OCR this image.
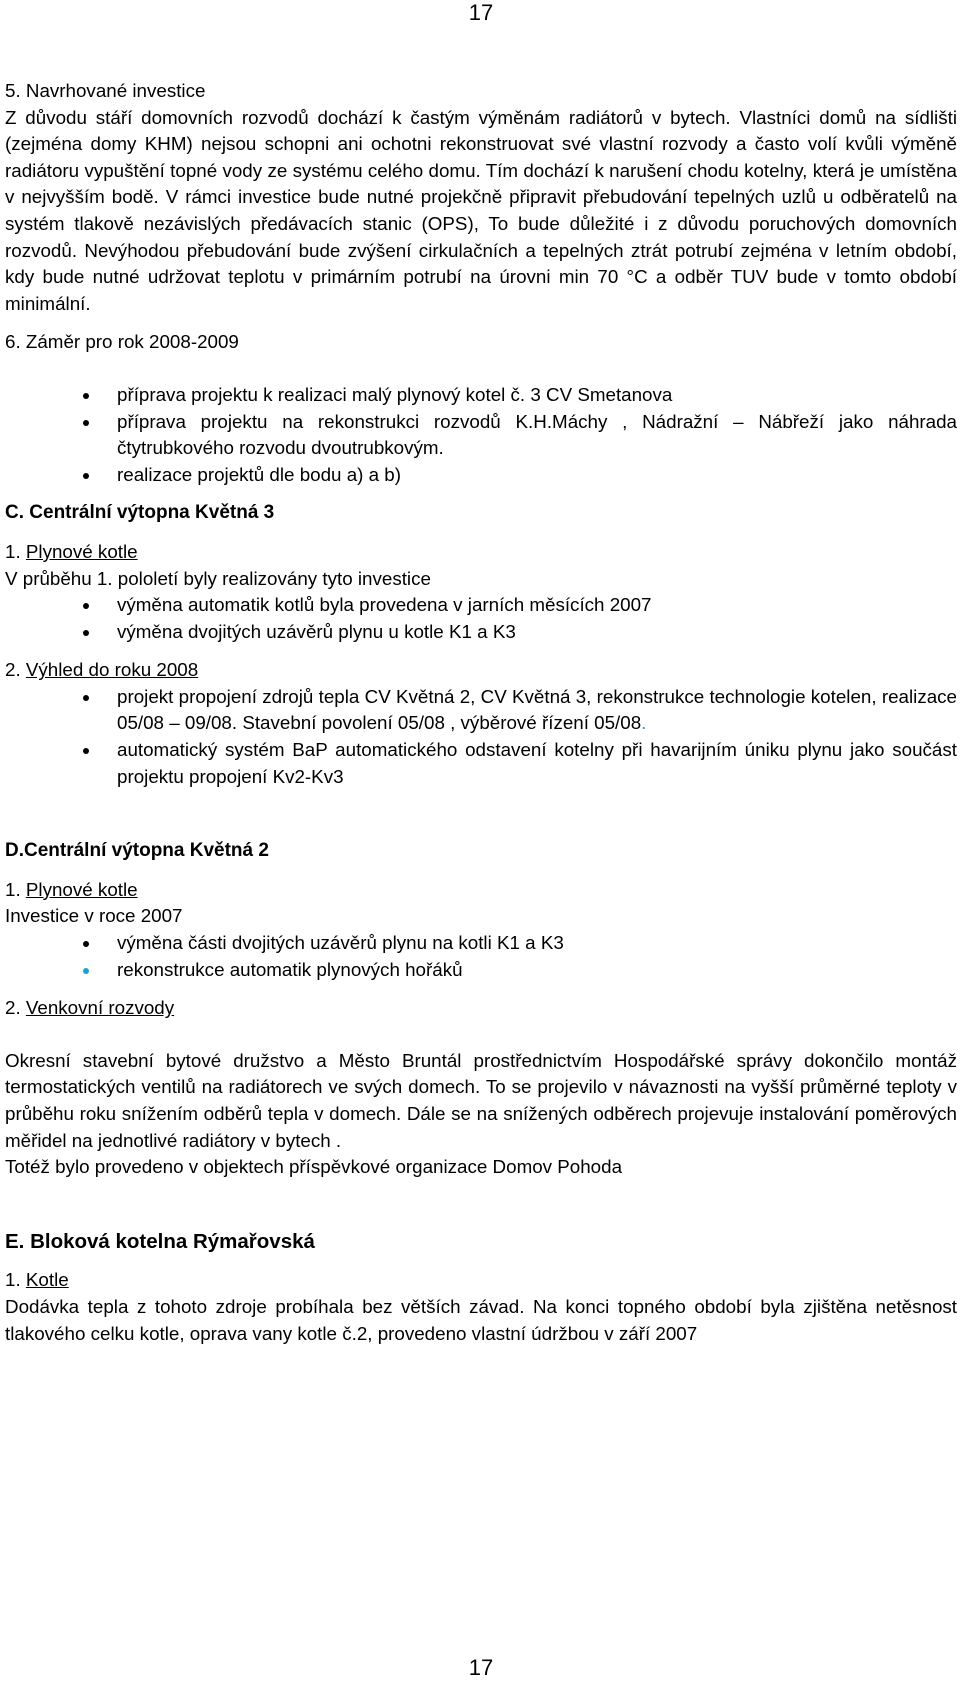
17

5. Navrhované investice

Z důvodu stáří domovních rozvodů dochází k častým výměnám radiátorů v bytech. Vlastníci domů na sídlišti (zejména domy KHM) nejsou schopni ani ochotni rekonstruovat své vlastní rozvody a často volí kvůli výměně radiátoru vypuštění topné vody ze systému celého domu. Tím dochází k narušení chodu kotelny, která je umístěna v nejvyšším bodě. V rámci investice bude nutné projekčně připravit přebudování tepelných uzlů u odběratelů na systém tlakově nezávislých předávacích stanic (OPS), To bude důležité i z důvodu poruchových domovních rozvodů. Nevýhodou přebudování bude zvýšení cirkulačních a tepelných ztrát potrubí zejména v letním období, kdy bude nutné udržovat teplotu v primárním potrubí na úrovni min 70 °C a odběr TUV bude v tomto období minimální.

6. Záměr pro rok 2008-2009

příprava projektu k realizaci malý plynový kotel č. 3 CV Smetanova
příprava projektu na rekonstrukci rozvodů K.H.Máchy , Nádražní – Nábřeží jako náhrada čtytrubkového rozvodu dvoutrubkovým.
realizace projektů dle bodu a) a b)
C. Centrální výtopna Květná 3

1. Plynové kotle

V průběhu 1. pololetí byly realizovány tyto investice

výměna automatik kotlů byla provedena v jarních měsících 2007
výměna dvojitých uzávěrů plynu u kotle K1 a K3

2. Výhled do roku 2008

projekt propojení zdrojů tepla CV Květná 2, CV Květná 3, rekonstrukce technologie kotelen, realizace 05/08 – 09/08. Stavební povolení 05/08 , výběrové řízení 05/08.
automatický systém BaP automatického odstavení kotelny při havarijním úniku plynu jako součást projektu propojení Kv2-Kv3
D.Centrální výtopna Květná 2

1. Plynové kotle

Investice v roce 2007

výměna části dvojitých uzávěrů plynu na kotli K1 a K3
rekonstrukce automatik plynových hořáků

2. Venkovní rozvody

Okresní stavební bytové družstvo a Město Bruntál prostřednictvím Hospodářské správy dokončilo montáž termostatických ventilů na radiátorech ve svých domech. To se projevilo v návaznosti na vyšší průměrné teploty v průběhu roku snížením odběrů tepla v domech. Dále se na snížených odběrech projevuje instalování poměrových měřidel na jednotlivé radiátory v bytech .

Totéž bylo provedeno v objektech příspěvkové organizace Domov Pohoda

E. Bloková kotelna Rýmařovská

1. Kotle

Dodávka tepla z tohoto zdroje probíhala bez větších závad. Na konci topného období byla zjištěna netěsnost tlakového celku kotle, oprava vany kotle č.2, provedeno vlastní údržbou v září 2007

17
